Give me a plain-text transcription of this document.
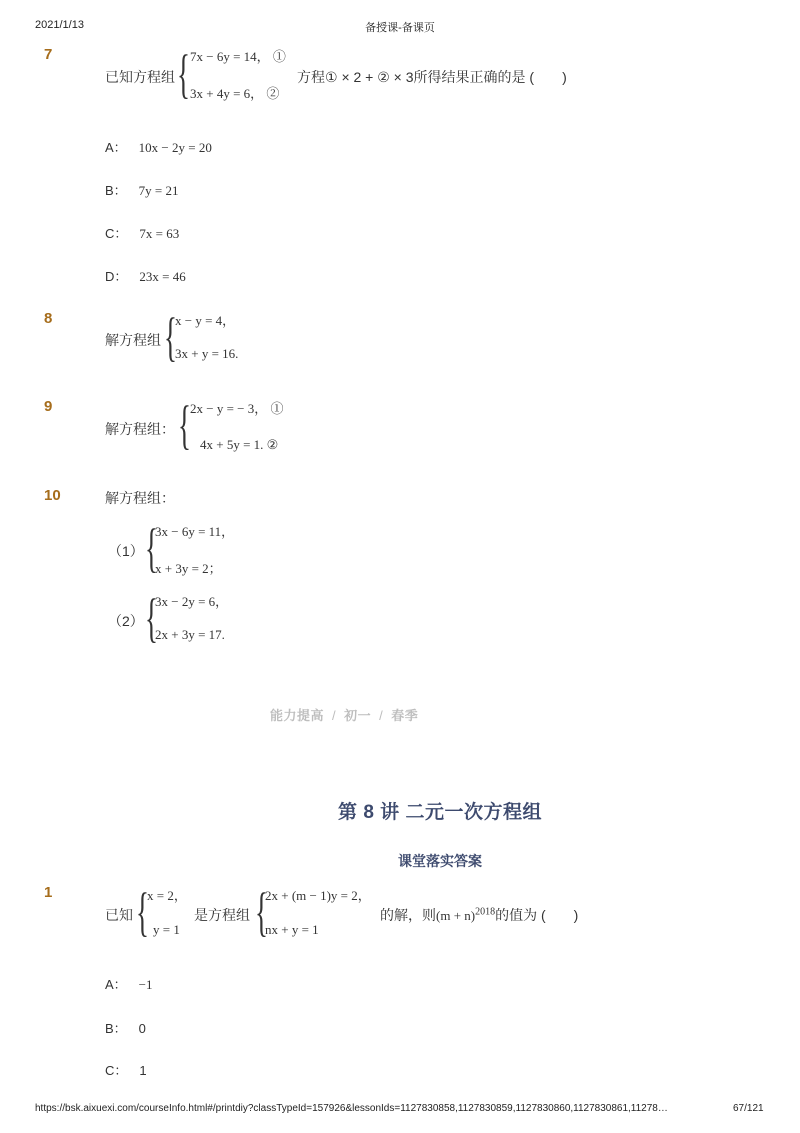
2021/1/13	备授课-备课页
7
已知方程组 { 7x − 6y = 14， ①
3x + 4y = 6， ②
方程① × 2 + ② × 3所得结果正确的是 (　　)
A： 10x − 2y = 20
B： 7y = 21
C： 7x = 63
D： 23x = 46
8
解方程组 {
x − y = 4，
3x + y = 16.
9
解方程组： { 2x − y = − 3， ①
4x + 5y = 1. ②
10	解方程组：
（1） {
3x − 6y = 11，
x + 3y = 2；
（2） {
3x − 2y = 6，
2x + 3y = 17.
能力提高 / 初一 / 春季
第 8 讲 二元一次方程组
课堂落实答案
1
已知 {
x = 2，
y = 1
是方程组 {
2x + (m − 1)y = 2，
nx + y = 1
的解，则$(m + n)^{2018}$的值为 (　　)
A： −1
B： 0
C： 1
https://bsk.aixuexi.com/courseInfo.html#/printdiy?classTypeId=157926&lessonIds=1127830858,1127830859,1127830860,1127830861,11278…	67/121
